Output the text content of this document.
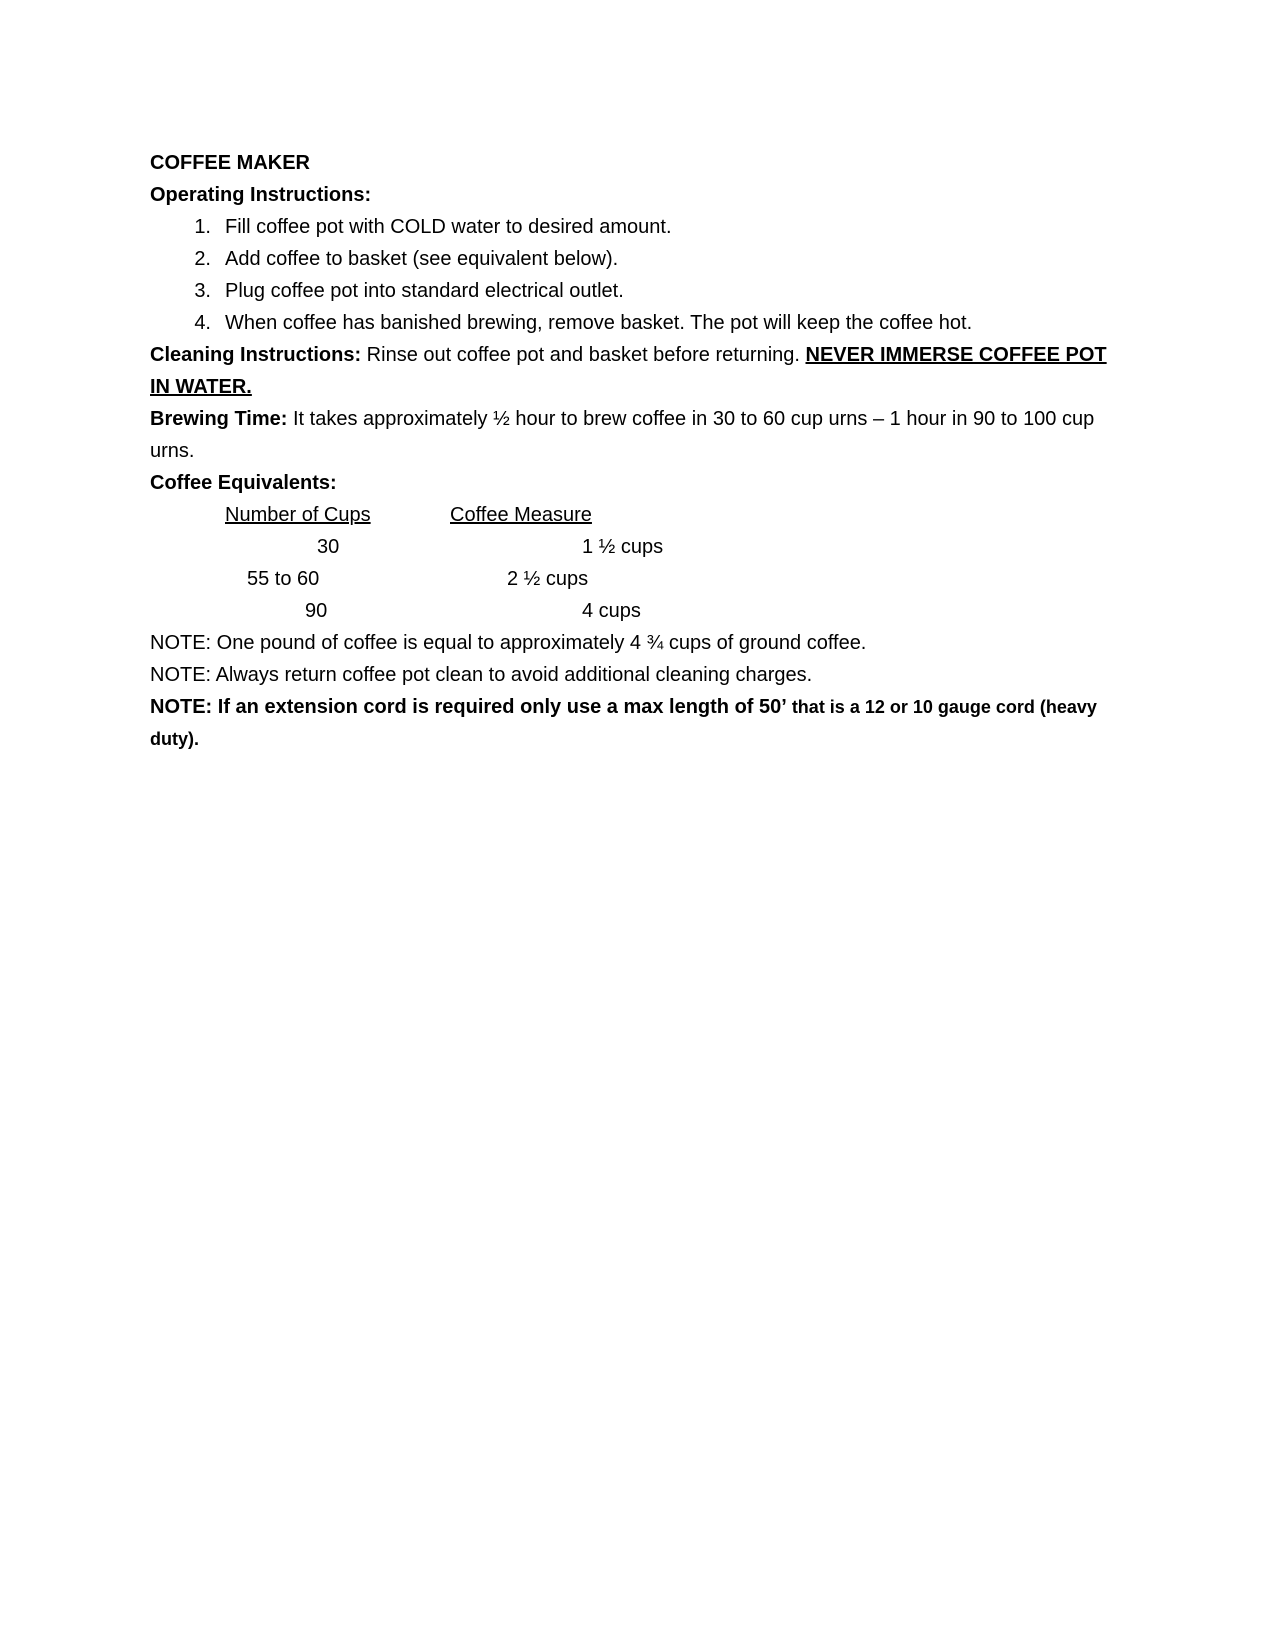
COFFEE MAKER

Operating Instructions:

1. Fill coffee pot with COLD water to desired amount.
2. Add coffee to basket (see equivalent below).
3. Plug coffee pot into standard electrical outlet.
4. When coffee has banished brewing, remove basket. The pot will keep the coffee hot.

Cleaning Instructions: Rinse out coffee pot and basket before returning. NEVER IMMERSE COFFEE POT IN WATER.

Brewing Time: It takes approximately ½ hour to brew coffee in 30 to 60 cup urns – 1 hour in 90 to 100 cup urns.

Coffee Equivalents:

Number of Cups	Coffee Measure
30	1 ½ cups
55 to 60	2 ½ cups
90	4 cups

NOTE: One pound of coffee is equal to approximately 4 ¾ cups of ground coffee.

NOTE: Always return coffee pot clean to avoid additional cleaning charges.

NOTE: If an extension cord is required only use a max length of 50’ that is a 12 or 10 gauge cord (heavy duty).
